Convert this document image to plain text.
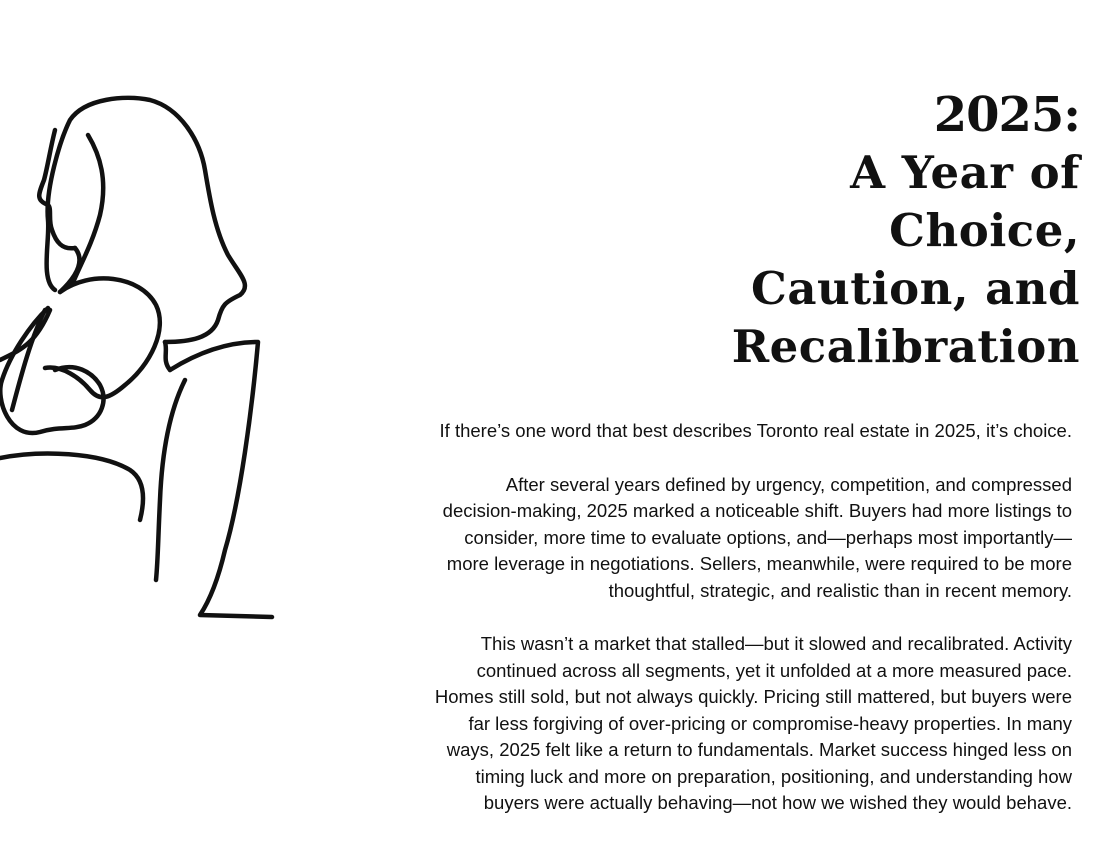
2025:
A Year of
Choice,
Caution, and
Recalibration

If there’s one word that best describes Toronto real estate in 2025, it’s choice.

After several years defined by urgency, competition, and compressed
decision-making, 2025 marked a noticeable shift. Buyers had more listings to
consider, more time to evaluate options, and—perhaps most importantly—
more leverage in negotiations. Sellers, meanwhile, were required to be more
thoughtful, strategic, and realistic than in recent memory.

This wasn’t a market that stalled—but it slowed and recalibrated. Activity
continued across all segments, yet it unfolded at a more measured pace.
Homes still sold, but not always quickly. Pricing still mattered, but buyers were
far less forgiving of over-pricing or compromise-heavy properties. In many
ways, 2025 felt like a return to fundamentals. Market success hinged less on
timing luck and more on preparation, positioning, and understanding how
buyers were actually behaving—not how we wished they would behave.
